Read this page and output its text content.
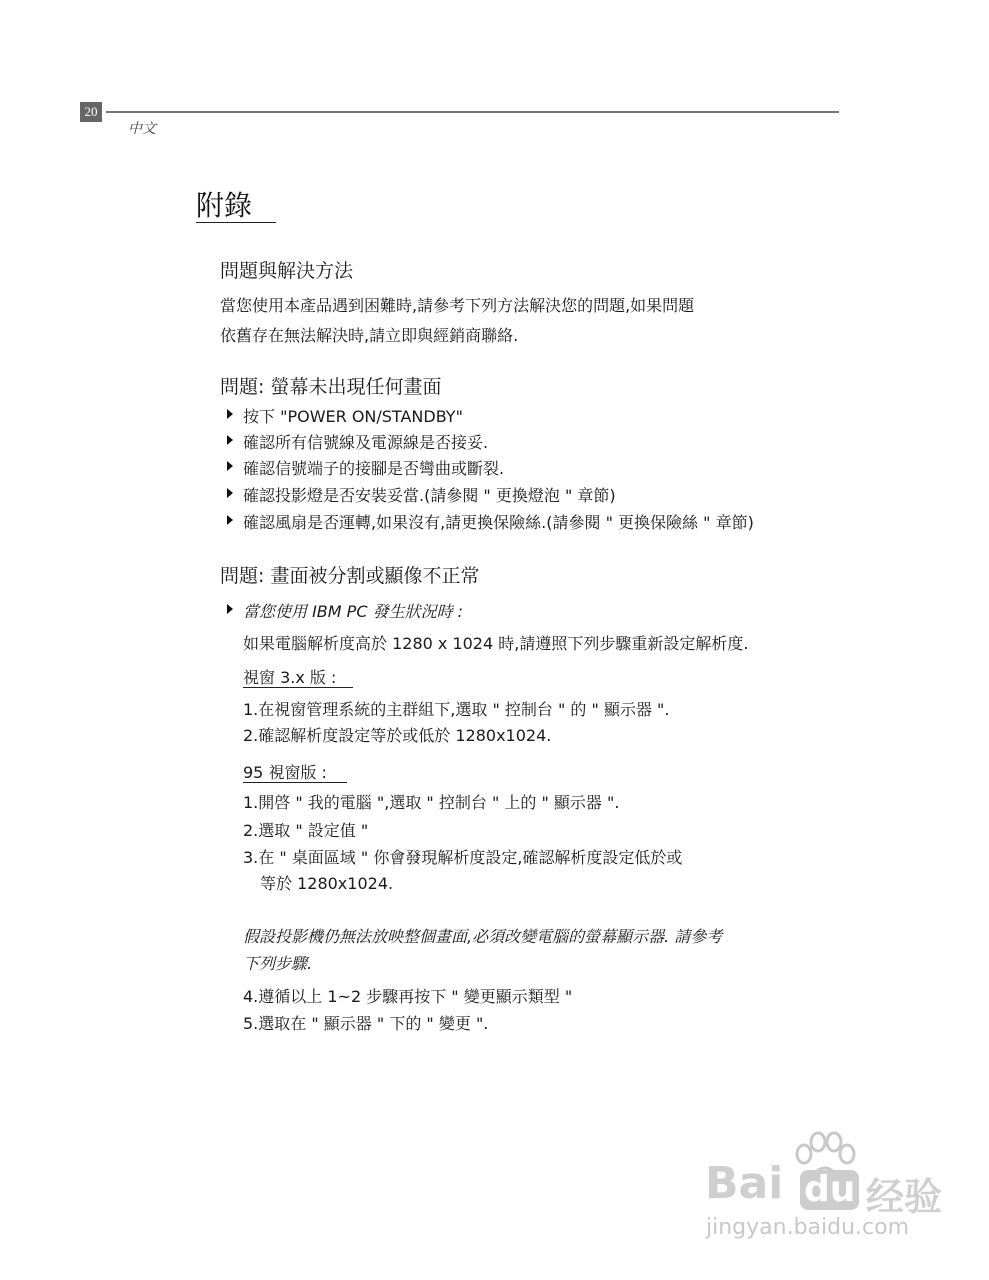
20
中文
附錄
問題與解決方法
當您使用本產品遇到困難時,請參考下列方法解決您的問題,如果問題
依舊存在無法解決時,請立即與經銷商聯絡.
問題: 螢幕未出現任何畫面
按下 "POWER ON/STANDBY"
確認所有信號線及電源線是否接妥.
確認信號端子的接腳是否彎曲或斷裂.
確認投影燈是否安裝妥當.(請參閱 " 更換燈泡 " 章節)
確認風扇是否運轉,如果沒有,請更換保險絲.(請參閱 " 更換保險絲 " 章節)
問題: 畫面被分割或顯像不正常
當您使用 IBM PC 發生狀況時 :
如果電腦解析度高於 1280 x 1024 時,請遵照下列步驟重新設定解析度.
視窗 3.x 版 :
1.在視窗管理系統的主群組下,選取 " 控制台 " 的 " 顯示器 ".
2.確認解析度設定等於或低於 1280x1024.
95 視窗版 :
1.開啓 " 我的電腦 ",選取 " 控制台 " 上的 " 顯示器 ".
2.選取 " 設定值 "
3.在 " 桌面區域 " 你會發現解析度設定,確認解析度設定低於或
等於 1280x1024.
假設投影機仍無法放映整個畫面,必須改變電腦的螢幕顯示器. 請參考
下列步驟.
4.遵循以上 1~2 步驟再按下 " 變更顯示類型 "
5.選取在 " 顯示器 " 下的 " 變更 ".
Bai du 经验
jingyan.baidu.com
